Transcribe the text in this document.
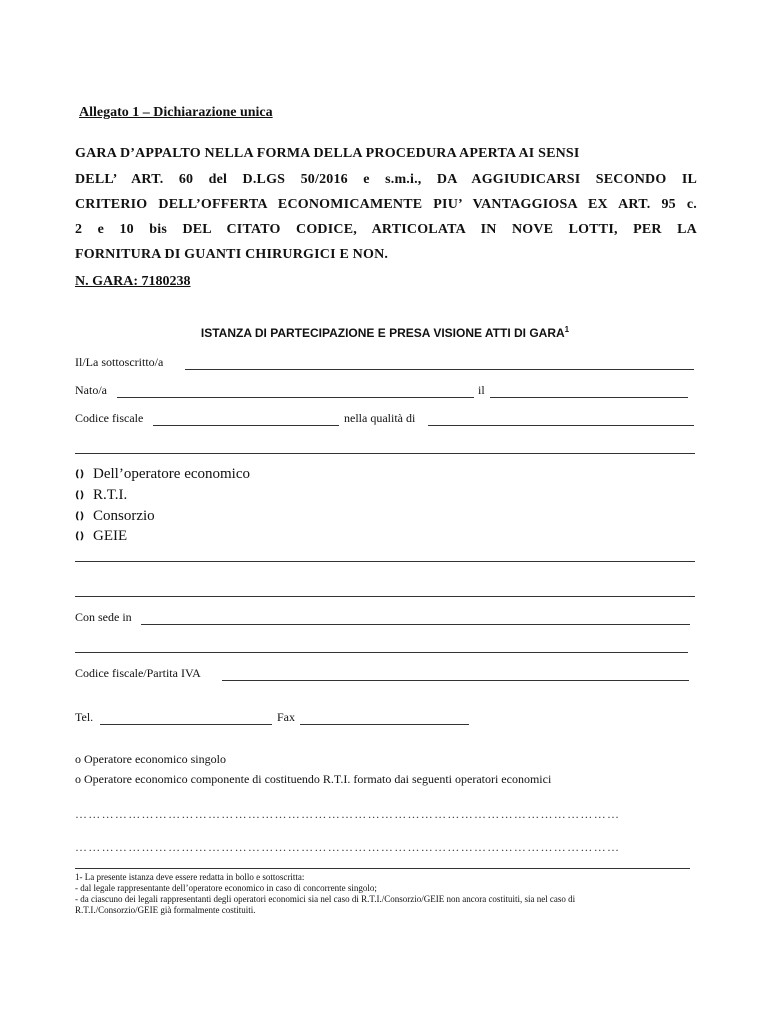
Allegato 1 – Dichiarazione unica
GARA D’APPALTO NELLA FORMA DELLA PROCEDURA APERTA AI SENSI
DELL’ ART. 60 del D.LGS 50/2016 e s.m.i., DA AGGIUDICARSI SECONDO IL
CRITERIO DELL’OFFERTA ECONOMICAMENTE PIU’ VANTAGGIOSA EX ART. 95 c.
2 e 10 bis DEL CITATO CODICE, ARTICOLATA IN NOVE LOTTI, PER LA
FORNITURA DI GUANTI CHIRURGICI E NON.
N. GARA: 7180238
ISTANZA DI PARTECIPAZIONE E PRESA VISIONE ATTI DI GARA$^1$
Il/La sottoscritto/a
Nato/a	il
Codice fiscale	nella qualità di
() Dell’operatore economico
() R.T.I.
() Consorzio
() GEIE
Con sede in
Codice fiscale/Partita IVA
Tel.	Fax
o Operatore economico singolo
o Operatore economico componente di costituendo R.T.I. formato dai seguenti operatori economici
……………………………………………………………………………………………………………
……………………………………………………………………………………………………………
1- La presente istanza deve essere redatta in bollo e sottoscritta:
- dal legale rappresentante dell’operatore economico in caso di concorrente singolo;
- da ciascuno dei legali rappresentanti degli operatori economici sia nel caso di R.T.I./Consorzio/GEIE non ancora costituiti, sia nel caso di
R.T.I./Consorzio/GEIE già formalmente costituiti.
